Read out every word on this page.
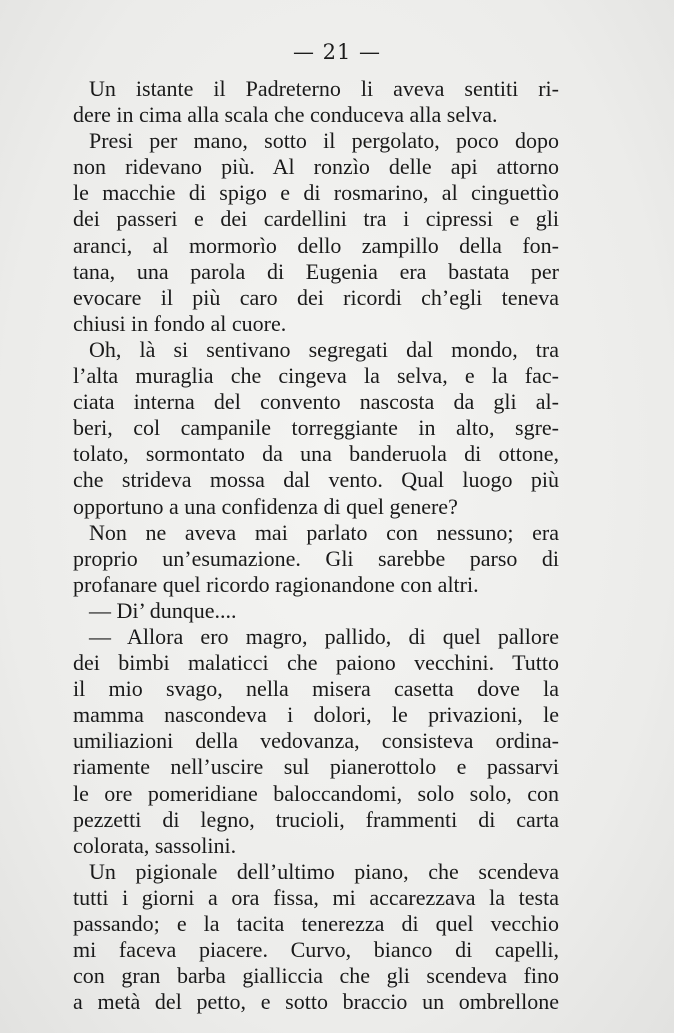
— 21 —
Un istante il Padreterno li aveva sentiti ri-
dere in cima alla scala che conduceva alla selva.
Presi per mano, sotto il pergolato, poco dopo
non ridevano più. Al ronzìo delle api attorno
le macchie di spigo e di rosmarino, al cinguettìo
dei passeri e dei cardellini tra i cipressi e gli
aranci, al mormorìo dello zampillo della fon-
tana, una parola di Eugenia era bastata per
evocare il più caro dei ricordi ch’egli teneva
chiusi in fondo al cuore.
Oh, là si sentivano segregati dal mondo, tra
l’alta muraglia che cingeva la selva, e la fac-
ciata interna del convento nascosta da gli al-
beri, col campanile torreggiante in alto, sgre-
tolato, sormontato da una banderuola di ottone,
che strideva mossa dal vento. Qual luogo più
opportuno a una confidenza di quel genere?
Non ne aveva mai parlato con nessuno; era
proprio un’esumazione. Gli sarebbe parso di
profanare quel ricordo ragionandone con altri.
— Di’ dunque....
— Allora ero magro, pallido, di quel pallore
dei bimbi malaticci che paiono vecchini. Tutto
il mio svago, nella misera casetta dove la
mamma nascondeva i dolori, le privazioni, le
umiliazioni della vedovanza, consisteva ordina-
riamente nell’uscire sul pianerottolo e passarvi
le ore pomeridiane baloccandomi, solo solo, con
pezzetti di legno, trucioli, frammenti di carta
colorata, sassolini.
Un pigionale dell’ultimo piano, che scendeva
tutti i giorni a ora fissa, mi accarezzava la testa
passando; e la tacita tenerezza di quel vecchio
mi faceva piacere. Curvo, bianco di capelli,
con gran barba gialliccia che gli scendeva fino
a metà del petto, e sotto braccio un ombrellone
